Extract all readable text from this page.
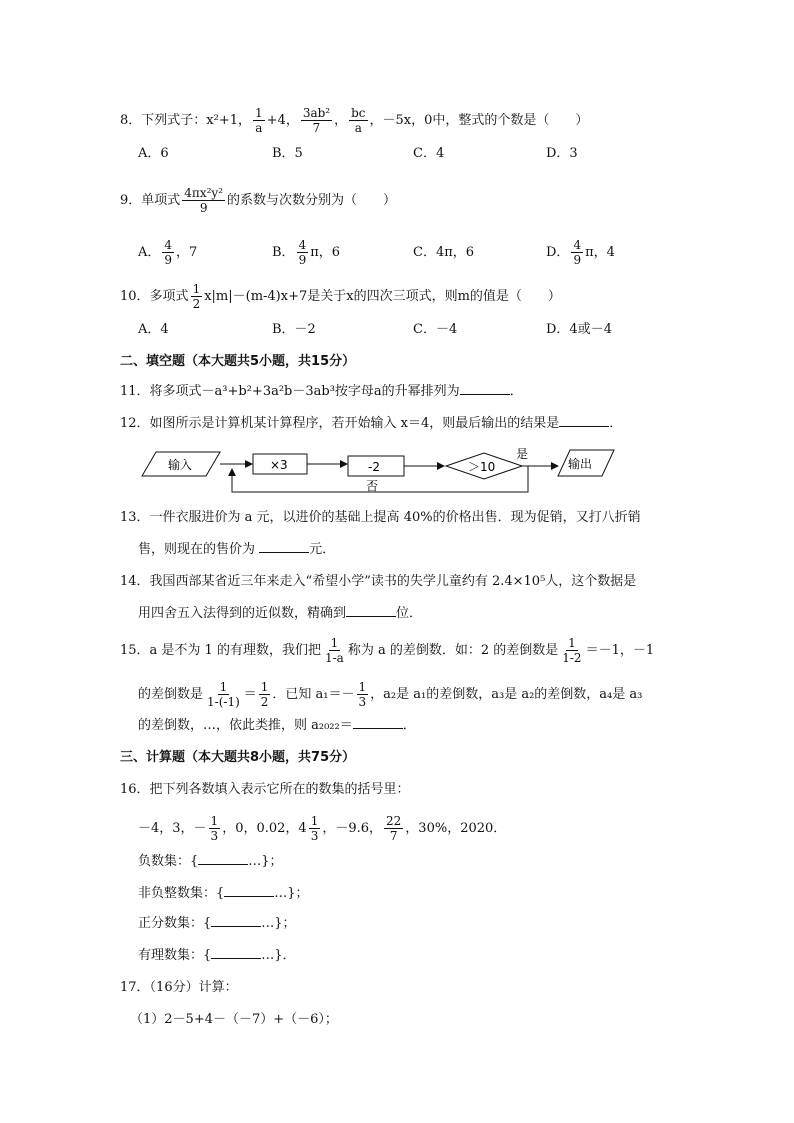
8．下列式子：x²+1， $\frac{1}{a} +4$， $\frac{\text{3ab²}}{7}$ ， $\frac{bc}{a}$ ，－5x，0中，整式的个数是（　　）
A．6	B．5	C．4	D．3
9．单项式 $\frac{\text{4πx²y²}}{9}$ 的系数与次数分别为（　　）
A． $\frac{4}{9}$ ，7	B． $\frac{4}{9}$ π，6	C．4π，6	D． $\frac{4}{9}$ π，4
10．多项式 $\frac{1}{2} x|m|-(m-4)x+7$是关于x的四次三项式，则m的值是（　　）
A．4	B．－2	C．－4	D．4或－4
二、填空题（本大题共5小题，共15分）
11．将多项式－a³+b²+3a²b－3ab³按字母a的升幂排列为	．
12．如图所示是计算机某计算程序，若开始输入 x＝4，则最后输出的结果是	．
输入	×3	-2	＞10
是
输出
否
13．一件衣服进价为 a 元，以进价的基础上提高 40%的价格出售．现为促销，又打八折销
售，则现在的售价为	元．
14．我国西部某省近三年来走入“希望小学”读书的失学儿童约有 2.4×10⁵人，这个数据是
用四舍五入法得到的近似数，精确到	位．
15．a 是不为 1 的有理数，我们把 $\frac{1}{1-a}$ 称为 a 的差倒数．如：2 的差倒数是 $\frac{1}{1-2} =-1$，－1
的差倒数是 $\frac{1}{1-(-1)} = \frac{1}{2}$ ．已知 $a_1=- \frac{1}{3}$ ，a₂是 a₁的差倒数，a₃是 a₂的差倒数，a₄是 a₃
的差倒数，…，依此类推，则 a₂₀₂₂＝	．
三、计算题（本大题共8小题，共75分）
16．把下列各数填入表示它所在的数集的括号里：
－4，3，－ $\frac{1}{3}$ ，0，0.02，$4 \frac{1}{3}$ ，－9.6， $\frac{22}{7}$ ，30%，2020．
负数集：{	…}；
非负整数集：{	…}；
正分数集：{	…}；
有理数集：{	…}．
17．（16分）计算：
（1）2－5+4－（－7）+（－6）；
